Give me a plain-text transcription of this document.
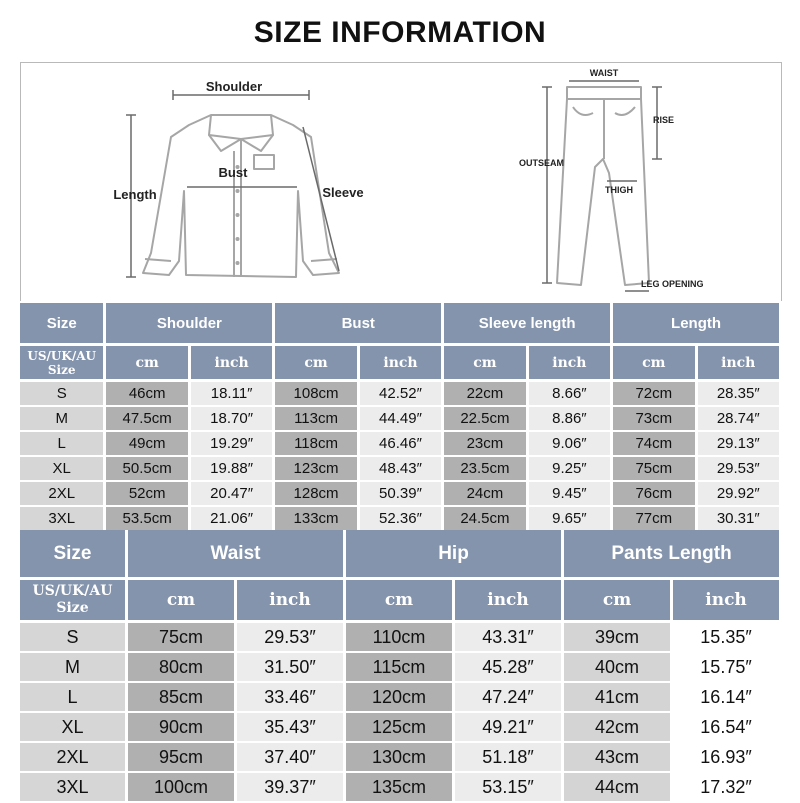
SIZE INFORMATION
Shoulder
Bust
Length	Sleeve
WAIST
RISE
OUTSEAM
THIGH
LEG OPENING
Size	Shoulder		Bust		Sleeve length		Length	
US/UK/AU
Size	cm	inch	cm	inch	cm	inch	cm	inch
S	46cm	18.11″	108cm	42.52″	22cm	8.66″	72cm	28.35″
M	47.5cm	18.70″	113cm	44.49″	22.5cm	8.86″	73cm	28.74″
L	49cm	19.29″	118cm	46.46″	23cm	9.06″	74cm	29.13″
XL	50.5cm	19.88″	123cm	48.43″	23.5cm	9.25″	75cm	29.53″
2XL	52cm	20.47″	128cm	50.39″	24cm	9.45″	76cm	29.92″
3XL	53.5cm	21.06″	133cm	52.36″	24.5cm	9.65″	77cm	30.31″
Size	Waist		Hip		Pants Length	
US/UK/AU
Size	cm	inch	cm	inch	cm	inch
S	75cm	29.53″	110cm	43.31″	39cm	15.35″
M	80cm	31.50″	115cm	45.28″	40cm	15.75″
L	85cm	33.46″	120cm	47.24″	41cm	16.14″
XL	90cm	35.43″	125cm	49.21″	42cm	16.54″
2XL	95cm	37.40″	130cm	51.18″	43cm	16.93″
3XL	100cm	39.37″	135cm	53.15″	44cm	17.32″
